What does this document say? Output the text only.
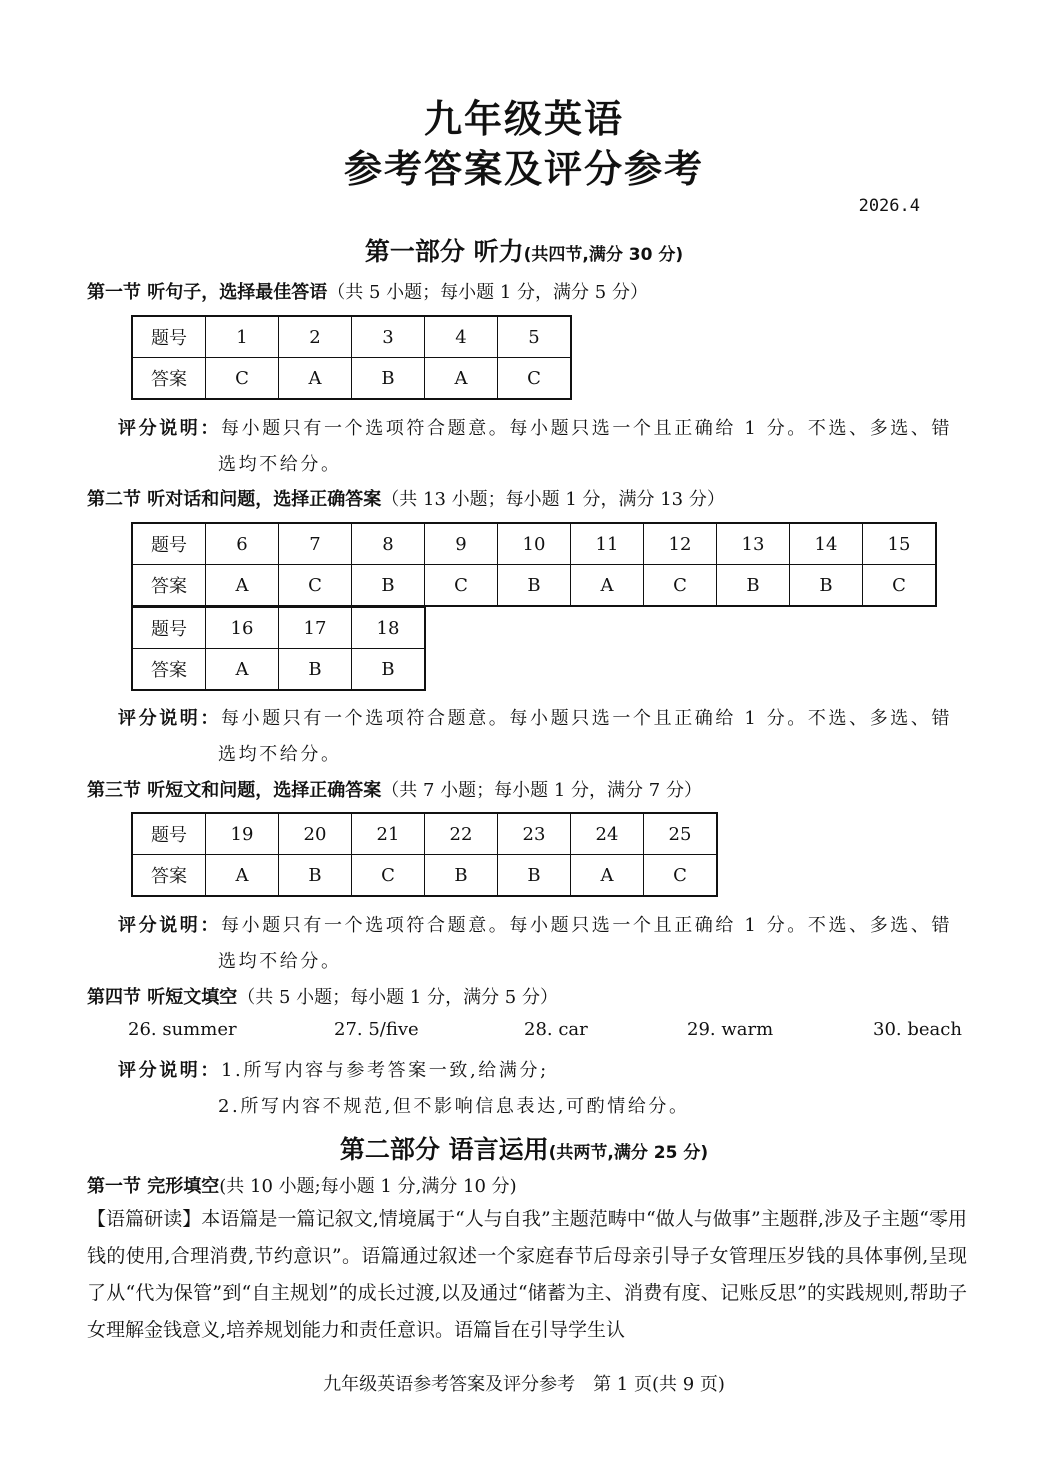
九年级英语
参考答案及评分参考
2026.4
第一部分 听力(共四节,满分 30 分)
第一节 听句子，选择最佳答语（共 5 小题；每小题 1 分，满分 5 分）
题号	1	2	3	4	5
答案	C	A	B	A	C
评分说明：每小题只有一个选项符合题意。每小题只选一个且正确给 1 分。不选、多选、错
选均不给分。
第二节 听对话和问题，选择正确答案（共 13 小题；每小题 1 分，满分 13 分）
题号	6	7	8	9	10	11	12	13	14	15
答案	A	C	B	C	B	A	C	B	B	C
题号	16	17	18
答案	A	B	B
评分说明：每小题只有一个选项符合题意。每小题只选一个且正确给 1 分。不选、多选、错
选均不给分。
第三节 听短文和问题，选择正确答案（共 7 小题；每小题 1 分，满分 7 分）
题号	19	20	21	22	23	24	25
答案	A	B	C	B	B	A	C
评分说明：每小题只有一个选项符合题意。每小题只选一个且正确给 1 分。不选、多选、错
选均不给分。
第四节 听短文填空（共 5 小题；每小题 1 分，满分 5 分）
26. summer	27. 5/five	28. car	29. warm	30. beach
评分说明：1.所写内容与参考答案一致,给满分;
2.所写内容不规范,但不影响信息表达,可酌情给分。
第二部分 语言运用(共两节,满分 25 分)
第一节 完形填空(共 10 小题;每小题 1 分,满分 10 分)
【语篇研读】本语篇是一篇记叙文,情境属于“人与自我”主题范畴中“做人与做事”主题群,涉及子主题“零用钱的使用,合理消费,节约意识”。语篇通过叙述一个家庭春节后母亲引导子女管理压岁钱的具体事例,呈现了从“代为保管”到“自主规划”的成长过渡,以及通过“储蓄为主、消费有度、记账反思”的实践规则,帮助子女理解金钱意义,培养规划能力和责任意识。语篇旨在引导学生认
九年级英语参考答案及评分参考　第 1 页(共 9 页)
